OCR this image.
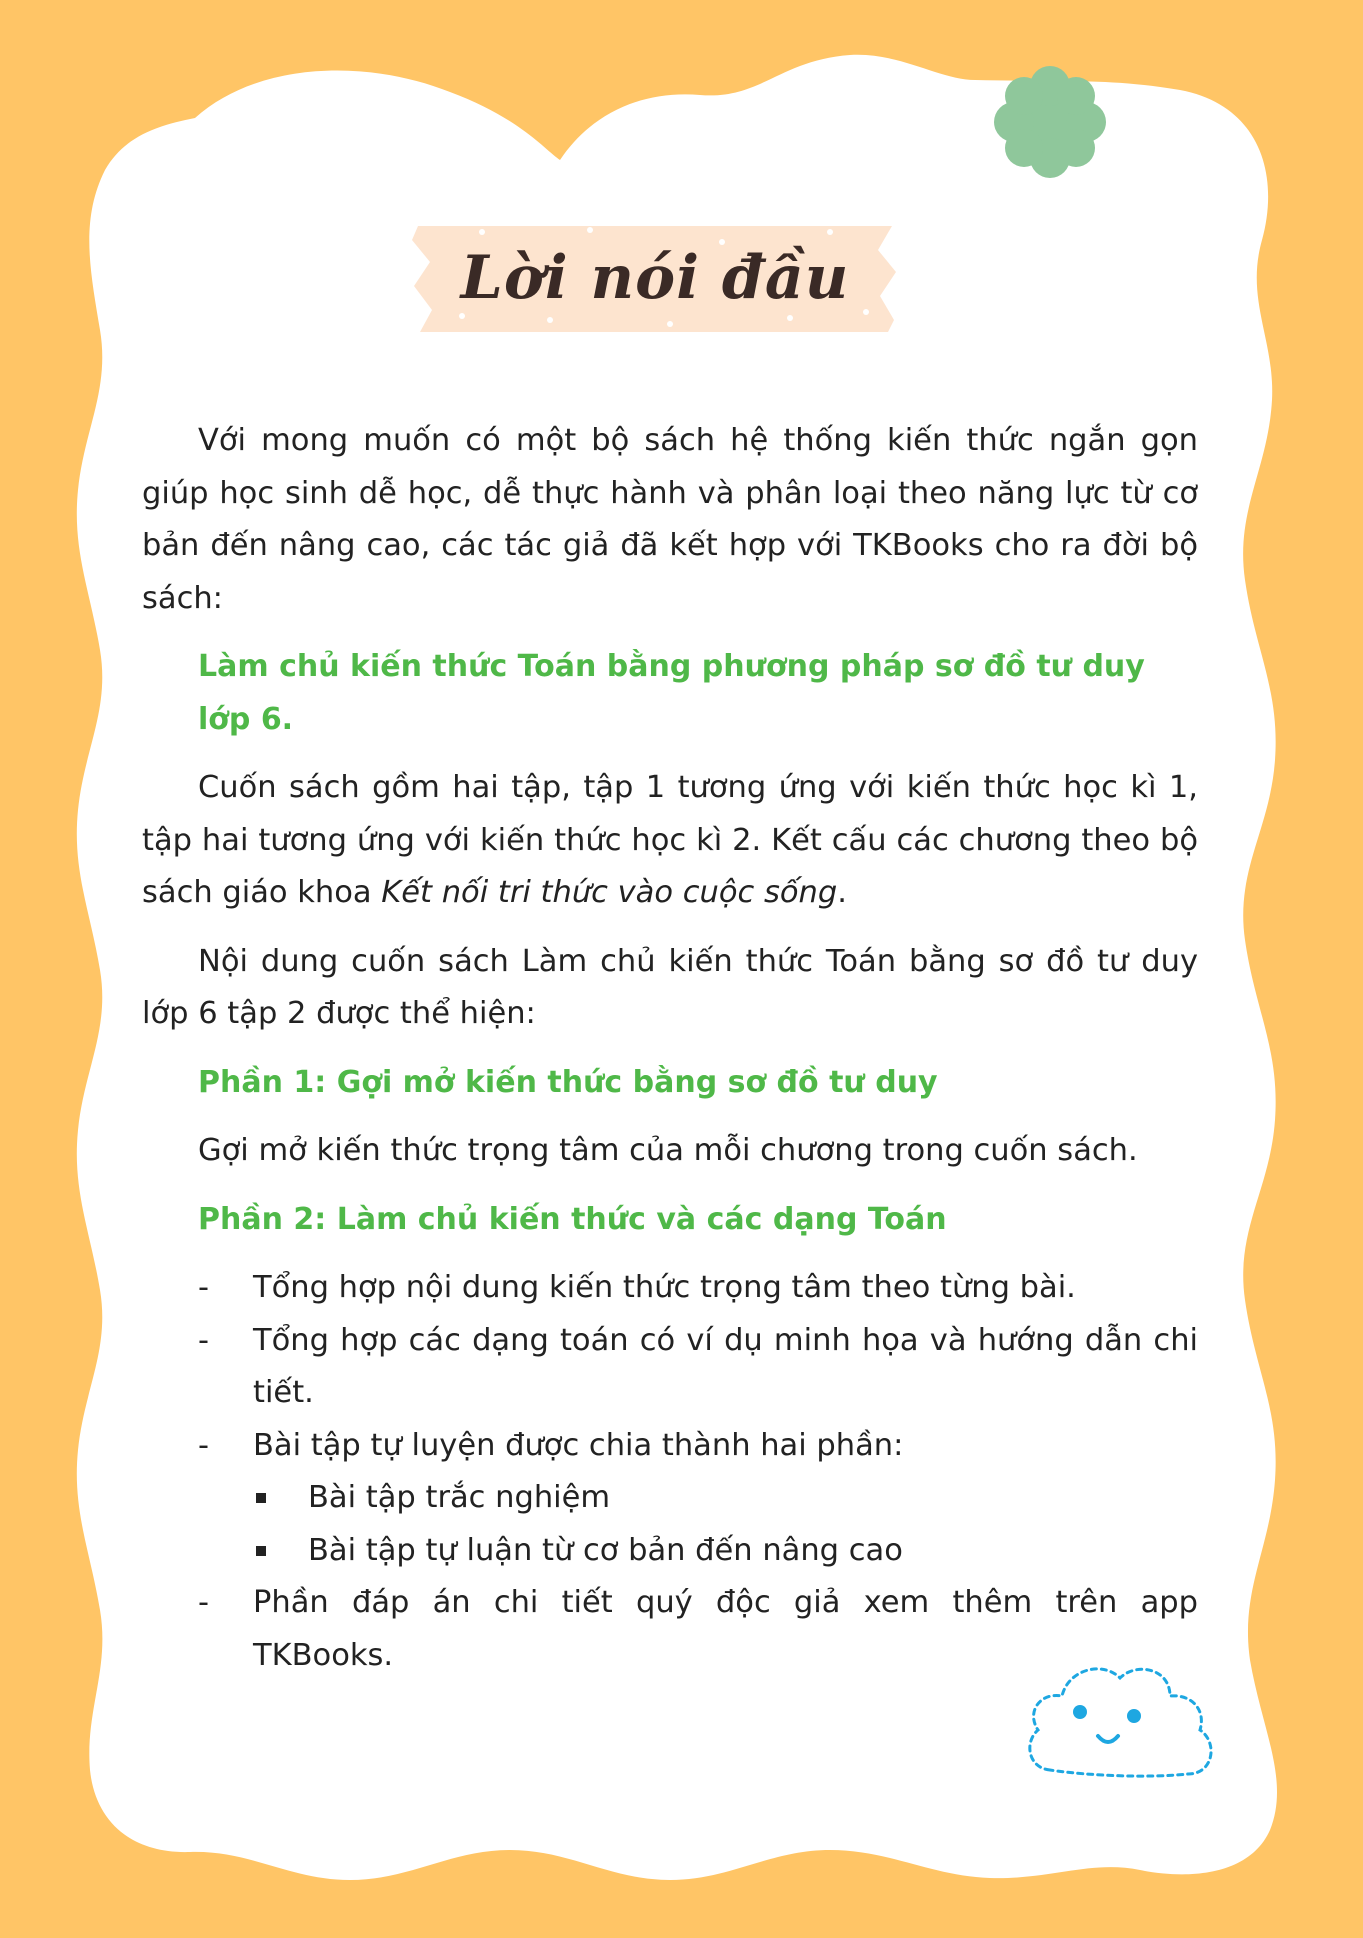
Lời nói đầu

Với mong muốn có một bộ sách hệ thống kiến thức ngắn gọn giúp học sinh dễ học, dễ thực hành và phân loại theo năng lực từ cơ bản đến nâng cao, các tác giả đã kết hợp với TKBooks cho ra đời bộ sách:

Làm chủ kiến thức Toán bằng phương pháp sơ đồ tư duy lớp 6.

Cuốn sách gồm hai tập, tập 1 tương ứng với kiến thức học kì 1, tập hai tương ứng với kiến thức học kì 2. Kết cấu các chương theo bộ sách giáo khoa Kết nối tri thức vào cuộc sống.

Nội dung cuốn sách Làm chủ kiến thức Toán bằng sơ đồ tư duy lớp 6 tập 2 được thể hiện:

Phần 1: Gợi mở kiến thức bằng sơ đồ tư duy

Gợi mở kiến thức trọng tâm của mỗi chương trong cuốn sách.

Phần 2: Làm chủ kiến thức và các dạng Toán
- Tổng hợp nội dung kiến thức trọng tâm theo từng bài.
- Tổng hợp các dạng toán có ví dụ minh họa và hướng dẫn chi tiết.
- Bài tập tự luyện được chia thành hai phần:
Bài tập trắc nghiệm
Bài tập tự luận từ cơ bản đến nâng cao
- Phần đáp án chi tiết quý độc giả xem thêm trên app TKBooks.
